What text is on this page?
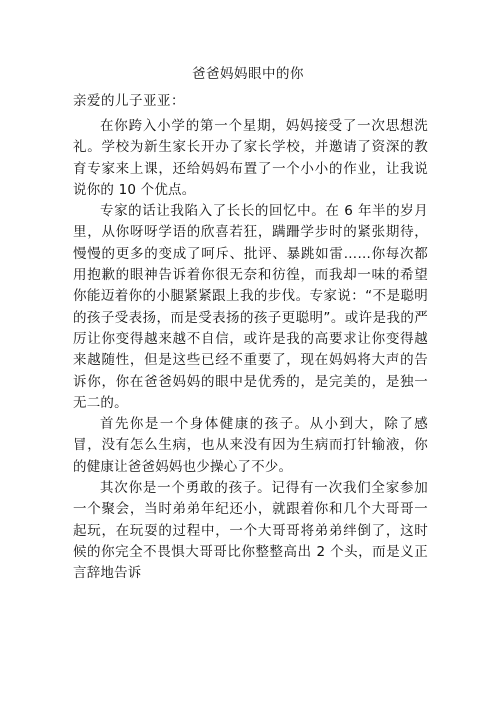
爸爸妈妈眼中的你
亲爱的儿子亚亚：

在你跨入小学的第一个星期，妈妈接受了一次思想洗礼。学校为新生家长开办了家长学校，并邀请了资深的教育专家来上课，还给妈妈布置了一个小小的作业，让我说说你的 10 个优点。

专家的话让我陷入了长长的回忆中。在 6 年半的岁月里，从你呀呀学语的欣喜若狂，蹒跚学步时的紧张期待，慢慢的更多的变成了呵斥、批评、暴跳如雷……你每次都用抱歉的眼神告诉着你很无奈和彷徨，而我却一味的希望你能迈着你的小腿紧紧跟上我的步伐。专家说：“不是聪明的孩子受表扬，而是受表扬的孩子更聪明”。或许是我的严厉让你变得越来越不自信，或许是我的高要求让你变得越来越随性，但是这些已经不重要了，现在妈妈将大声的告诉你，你在爸爸妈妈的眼中是优秀的，是完美的，是独一无二的。

首先你是一个身体健康的孩子。从小到大，除了感冒，没有怎么生病，也从来没有因为生病而打针输液，你的健康让爸爸妈妈也少操心了不少。

其次你是一个勇敢的孩子。记得有一次我们全家参加一个聚会，当时弟弟年纪还小，就跟着你和几个大哥哥一起玩，在玩耍的过程中，一个大哥哥将弟弟绊倒了，这时候的你完全不畏惧大哥哥比你整整高出 2 个头，而是义正言辞地告诉
